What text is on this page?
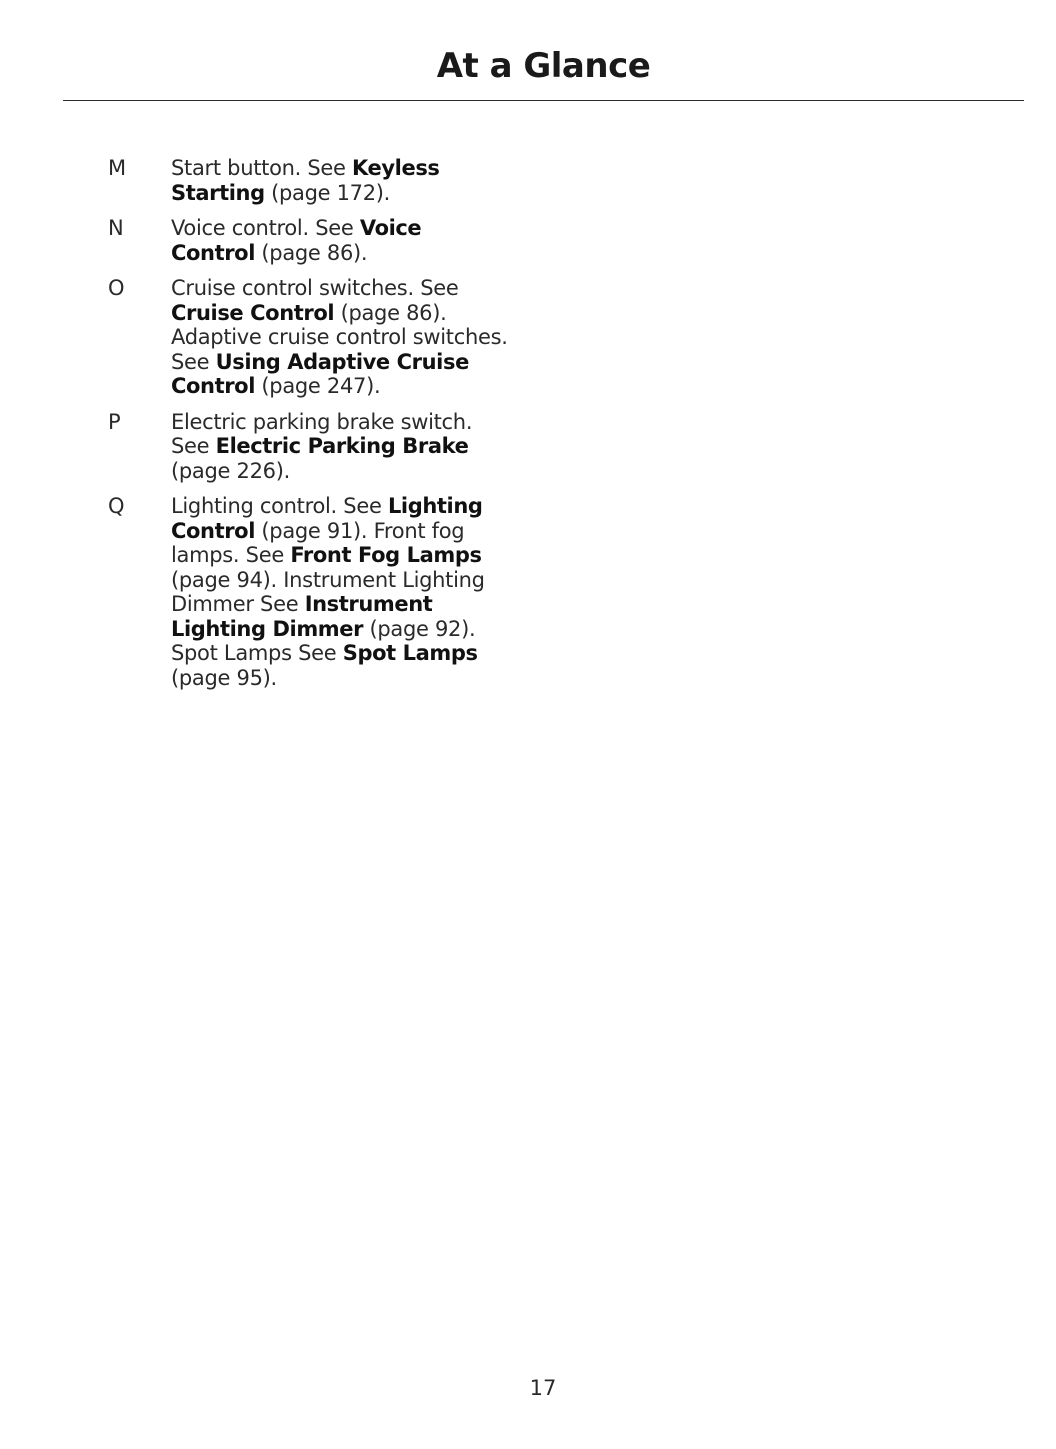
At a Glance
M	Start button. See Keyless
Starting (page 172).
N	Voice control. See Voice
Control (page 86).
O	Cruise control switches. See
Cruise Control (page 86).
Adaptive cruise control switches.
See Using Adaptive Cruise
Control (page 247).
P	Electric parking brake switch.
See Electric Parking Brake
(page 226).
Q	Lighting control. See Lighting
Control (page 91). Front fog
lamps. See Front Fog Lamps
(page 94). Instrument Lighting
Dimmer See Instrument
Lighting Dimmer (page 92).
Spot Lamps See Spot Lamps
(page 95).
17
